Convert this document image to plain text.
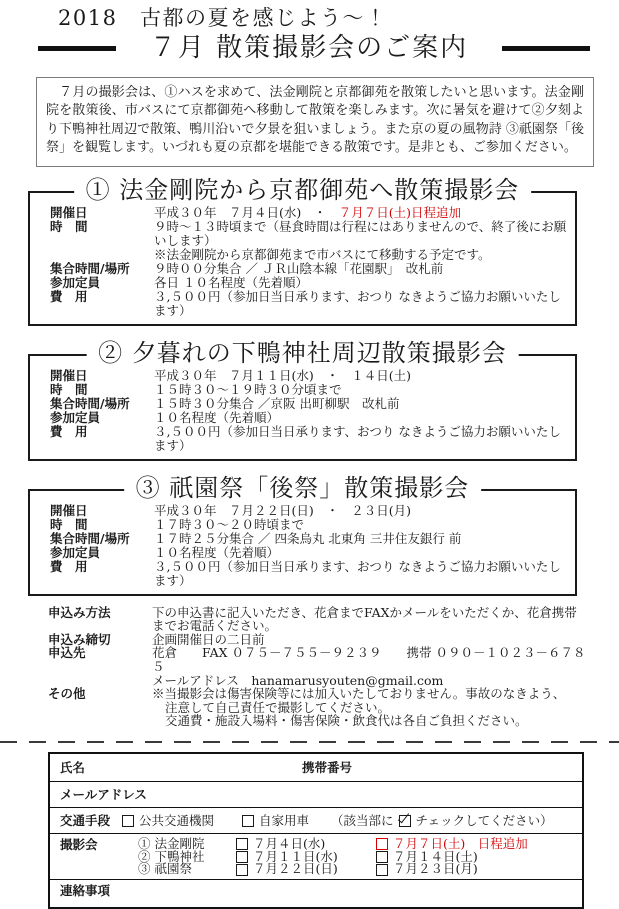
2018　古都の夏を感じよう～！
７月 散策撮影会のご案内
　７月の撮影会は、①ハスを求めて、法金剛院と京都御苑を散策したいと思います。法金剛院を散策後、市バスにて京都御苑へ移動して散策を楽しみます。次に暑気を避けて②夕刻より下鴨神社周辺で散策、鴨川沿いで夕景を狙いましょう。また京の夏の風物詩 ③祇園祭「後祭」を観覧します。いづれも夏の京都を堪能できる散策です。是非とも、ご参加ください。
① 法金剛院から京都御苑へ散策撮影会
開催日	平成３０年　７月４日(水)　・　７月７日(土)日程追加
時　間	９時～１３時頃まで（昼食時間は行程にはありませんので、終了後にお願いします）
※法金剛院から京都御苑まで市バスにて移動する予定です。
集合時間/場所	９時００分集合 ／ ＪＲ山陰本線「花園駅」　改札前
参加定員	各日 １０名程度（先着順）
費　用	３,５００円（参加日当日承ります、おつり なきようご協力お願いいたします）
② 夕暮れの下鴨神社周辺散策撮影会
開催日	平成３０年　７月１１日(水)　・　１４日(土)
時　間	１５時３０～１９時３０分頃まで
集合時間/場所	１５時３０分集合 ／京阪 出町柳駅　改札前
参加定員	１０名程度（先着順）
費　用	３,５００円（参加日当日承ります、おつり なきようご協力お願いいたします）
③ 祇園祭「後祭」散策撮影会
開催日	平成３０年　７月２２日(日)　・　２３日(月)
時　間	１７時３０～２０時頃まで
集合時間/場所	１７時２５分集合 ／ 四条烏丸 北東角 三井住友銀行 前
参加定員	１０名程度（先着順）
費　用	３,５００円（参加日当日承ります、おつり なきようご協力お願いいたします）
申込み方法	下の申込書に記入いただき、花倉までFAXかメールをいただくか、花倉携帯までお電話ください。
申込み締切	企画開催日の二日前
申込先	花倉　　FAX ０７５－７５５－９２３９　　携帯 ０９０－１０２３－６７８５
メールアドレス　hanamarusyouten@gmail.com
その他	※当撮影会は傷害保険等には加入いたしておりません。事故のなきよう、
注意して自己責任で撮影してください。
交通費・施設入場料・傷害保険・飲食代は各自ご負担ください。
氏名	携帯番号
メールアドレス
交通手段	公共交通機関	自家用車 （該当部に チェックしてください）
撮影会	① 法金剛院	７月４日(水)	７月７日(土)　日程追加
② 下鴨神社	７月１１日(水)	７月１４日(土)
③ 祇園祭	７月２２日(日)	７月２３日(月)
連絡事項
